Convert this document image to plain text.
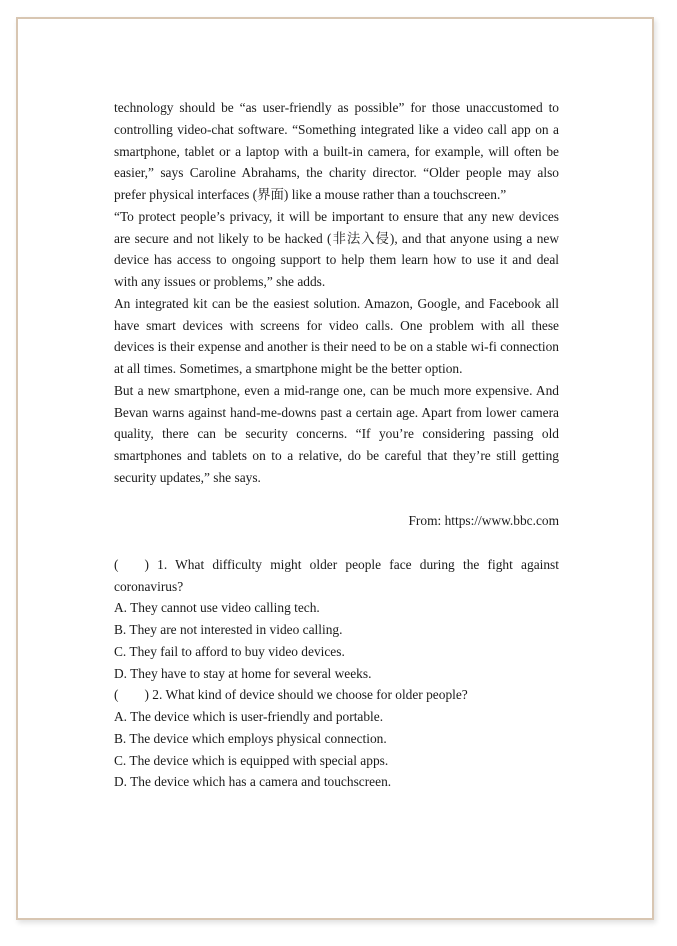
technology should be “as user-friendly as possible” for those unaccustomed to controlling video-chat software. “Something integrated like a video call app on a smartphone, tablet or a laptop with a built-in camera, for example, will often be easier,” says Caroline Abrahams, the charity director. “Older people may also prefer physical interfaces (界面) like a mouse rather than a touchscreen.”

“To protect people’s privacy, it will be important to ensure that any new devices are secure and not likely to be hacked (非法入侵), and that anyone using a new device has access to ongoing support to help them learn how to use it and deal with any issues or problems,” she adds.

An integrated kit can be the easiest solution. Amazon, Google, and Facebook all have smart devices with screens for video calls. One problem with all these devices is their expense and another is their need to be on a stable wi-fi connection at all times. Sometimes, a smartphone might be the better option.

But a new smartphone, even a mid-range one, can be much more expensive. And Bevan warns against hand-me-downs past a certain age. Apart from lower camera quality, there can be security concerns. “If you’re considering passing old smartphones and tablets on to a relative, do be careful that they’re still getting security updates,” she says.

From: https://www.bbc.com

( ) 1. What difficulty might older people face during the fight against coronavirus?

A. They cannot use video calling tech.

B. They are not interested in video calling.

C. They fail to afford to buy video devices.

D. They have to stay at home for several weeks.

( ) 2. What kind of device should we choose for older people?

A. The device which is user-friendly and portable.

B. The device which employs physical connection.

C. The device which is equipped with special apps.

D. The device which has a camera and touchscreen.
